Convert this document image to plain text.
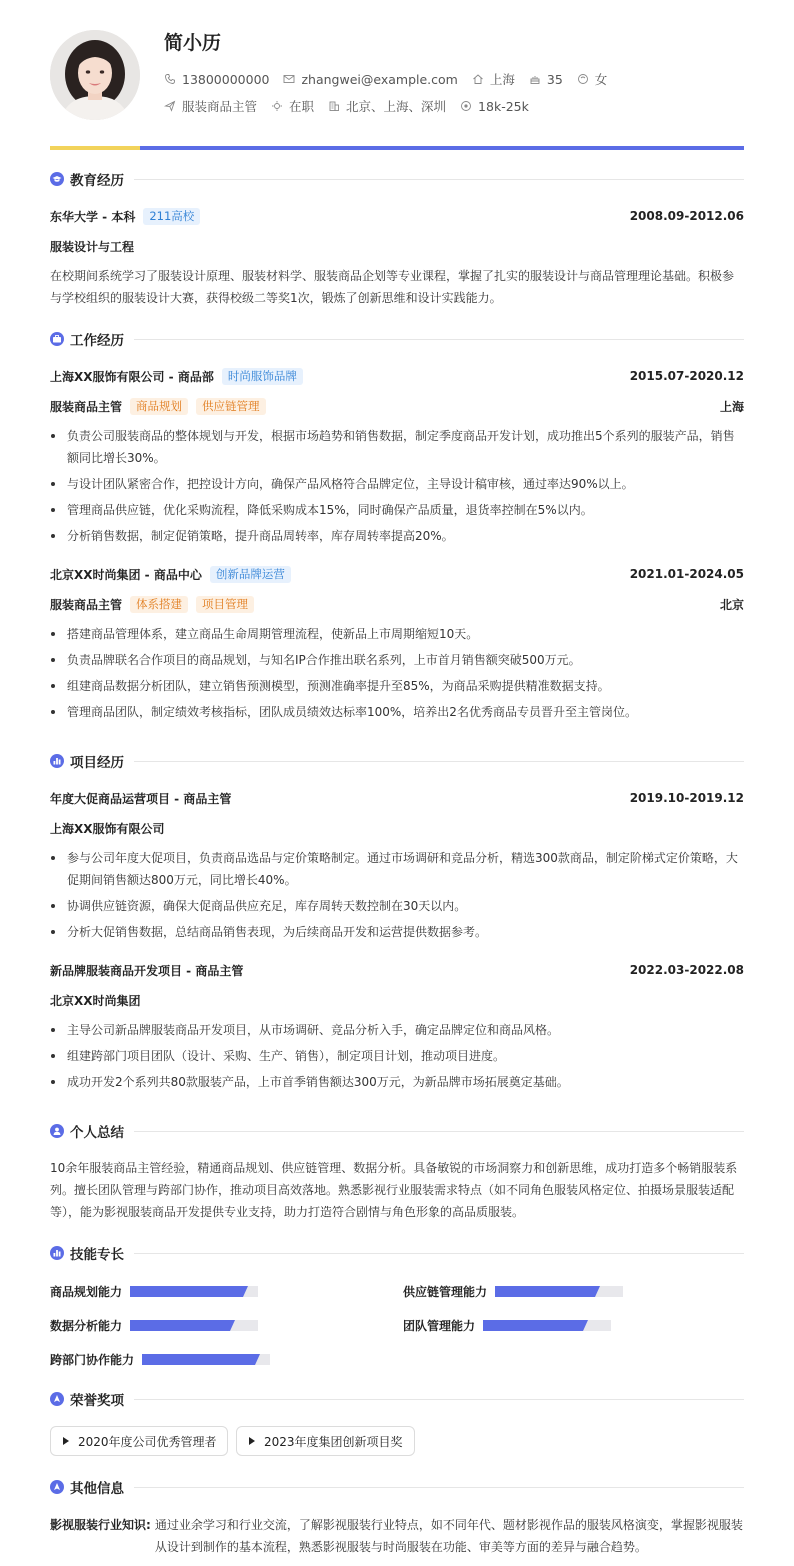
简小历
13800000000	zhangwei@example.com	上海	35	女
服装商品主管	在职	北京、上海、深圳	18k-25k
教育经历
东华大学 - 本科	211高校	2008.09-2012.06
服装设计与工程
在校期间系统学习了服装设计原理、服装材料学、服装商品企划等专业课程，掌握了扎实的服装设计与商品管理理论基础。积极参与学校组织的服装设计大赛，获得校级二等奖1次，锻炼了创新思维和设计实践能力。
工作经历
上海XX服饰有限公司 - 商品部	时尚服饰品牌	2015.07-2020.12
服装商品主管	商品规划	供应链管理	上海
负责公司服装商品的整体规划与开发，根据市场趋势和销售数据，制定季度商品开发计划，成功推出5个系列的服装产品，销售额同比增长30%。
与设计团队紧密合作，把控设计方向，确保产品风格符合品牌定位，主导设计稿审核，通过率达90%以上。
管理商品供应链，优化采购流程，降低采购成本15%，同时确保产品质量，退货率控制在5%以内。
分析销售数据，制定促销策略，提升商品周转率，库存周转率提高20%。
北京XX时尚集团 - 商品中心	创新品牌运营	2021.01-2024.05
服装商品主管	体系搭建	项目管理	北京
搭建商品管理体系，建立商品生命周期管理流程，使新品上市周期缩短10天。
负责品牌联名合作项目的商品规划，与知名IP合作推出联名系列，上市首月销售额突破500万元。
组建商品数据分析团队，建立销售预测模型，预测准确率提升至85%，为商品采购提供精准数据支持。
管理商品团队，制定绩效考核指标，团队成员绩效达标率100%，培养出2名优秀商品专员晋升至主管岗位。
项目经历
年度大促商品运营项目 - 商品主管	2019.10-2019.12
上海XX服饰有限公司
参与公司年度大促项目，负责商品选品与定价策略制定。通过市场调研和竞品分析，精选300款商品，制定阶梯式定价策略，大促期间销售额达800万元，同比增长40%。
协调供应链资源，确保大促商品供应充足，库存周转天数控制在30天以内。
分析大促销售数据，总结商品销售表现，为后续商品开发和运营提供数据参考。
新品牌服装商品开发项目 - 商品主管	2022.03-2022.08
北京XX时尚集团
主导公司新品牌服装商品开发项目，从市场调研、竞品分析入手，确定品牌定位和商品风格。
组建跨部门项目团队（设计、采购、生产、销售），制定项目计划，推动项目进度。
成功开发2个系列共80款服装产品，上市首季销售额达300万元，为新品牌市场拓展奠定基础。
个人总结
10余年服装商品主管经验，精通商品规划、供应链管理、数据分析。具备敏锐的市场洞察力和创新思维，成功打造多个畅销服装系列。擅长团队管理与跨部门协作，推动项目高效落地。熟悉影视行业服装需求特点（如不同角色服装风格定位、拍摄场景服装适配等），能为影视服装商品开发提供专业支持，助力打造符合剧情与角色形象的高品质服装。
技能专长
商品规划能力	供应链管理能力
数据分析能力	团队管理能力
跨部门协作能力
荣誉奖项
2020年度公司优秀管理者	2023年度集团创新项目奖
其他信息
影视服装行业知识: 通过业余学习和行业交流，了解影视服装行业特点，如不同年代、题材影视作品的服装风格演变，掌握影视服装从设计到制作的基本流程，熟悉影视服装与时尚服装在功能、审美等方面的差异与融合趋势。
